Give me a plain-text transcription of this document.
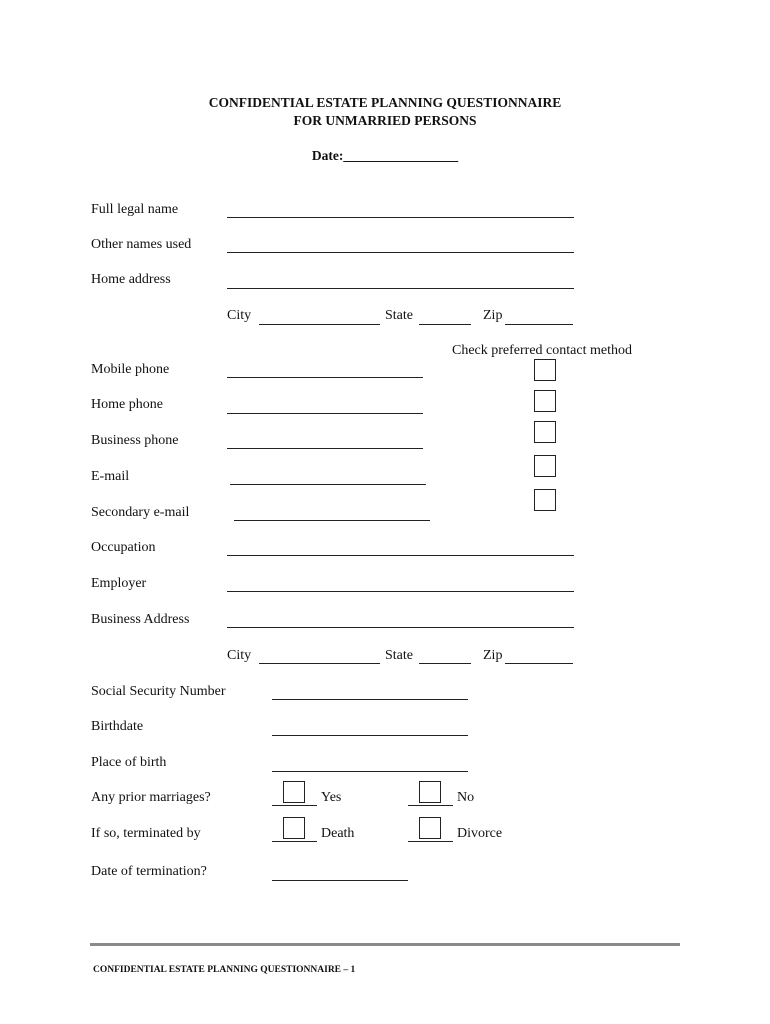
CONFIDENTIAL ESTATE PLANNING QUESTIONNAIRE
FOR UNMARRIED PERSONS
Date:_________________
Full legal name
Other names used
Home address
City	State	Zip
Check preferred contact method
Mobile phone
Home phone
Business phone
E-mail
Secondary e-mail
Occupation
Employer
Business Address
City	State	Zip
Social Security Number
Birthdate
Place of birth
Any prior marriages?	Yes	No
If so, terminated by	Death	Divorce
Date of termination?
CONFIDENTIAL ESTATE PLANNING QUESTIONNAIRE – 1
